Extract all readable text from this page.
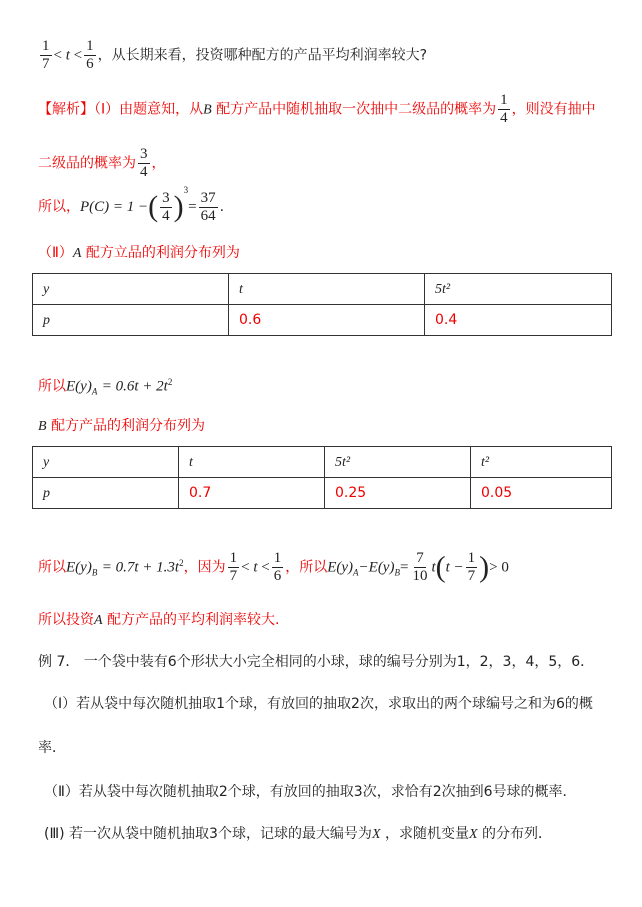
$\frac{1}{7} < t < \frac{1}{6}$ ，从长期来看，投资哪种配方的产品平均利润率较大?
【解析】（Ⅰ）由题意知，从B 配方产品中随机抽取一次抽中二级品的概率为 $\frac{1}{4}$ ，则没有抽中
二级品的概率为 $\frac{3}{4}$ ，
所以，P(C) = 1 −( $\frac{3}{4} )^3= \frac{37}{64}$ .
（Ⅱ）A 配方立品的利润分布列为
y	t	5t²
p	0.6	0.4
所以$E(y)_A = 0.6t + 2t^2$
B 配方产品的利润分布列为
y	t	5t²	t²
p	0.7	0.25	0.05
所以$E(y)_B = 0.7t + 1.3t^2$，因为 $\frac{1}{7} < t < \frac{1}{6}$ ，所以$E(y)_A-E(y)_B= \frac{7}{10} t(t - \frac{1}{7}$ )> 0
所以投资A 配方产品的平均利润率较大.
例 7． 一个袋中装有6个形状大小完全相同的小球，球的编号分别为1，2，3，4，5，6．
（Ⅰ）若从袋中每次随机抽取1个球，有放回的抽取2次，求取出的两个球编号之和为6的概
率．
（Ⅱ）若从袋中每次随机抽取2个球，有放回的抽取3次，求恰有2次抽到6号球的概率．
(Ⅲ) 若一次从袋中随机抽取3个球，记球的最大编号为X ，求随机变量X 的分布列．
